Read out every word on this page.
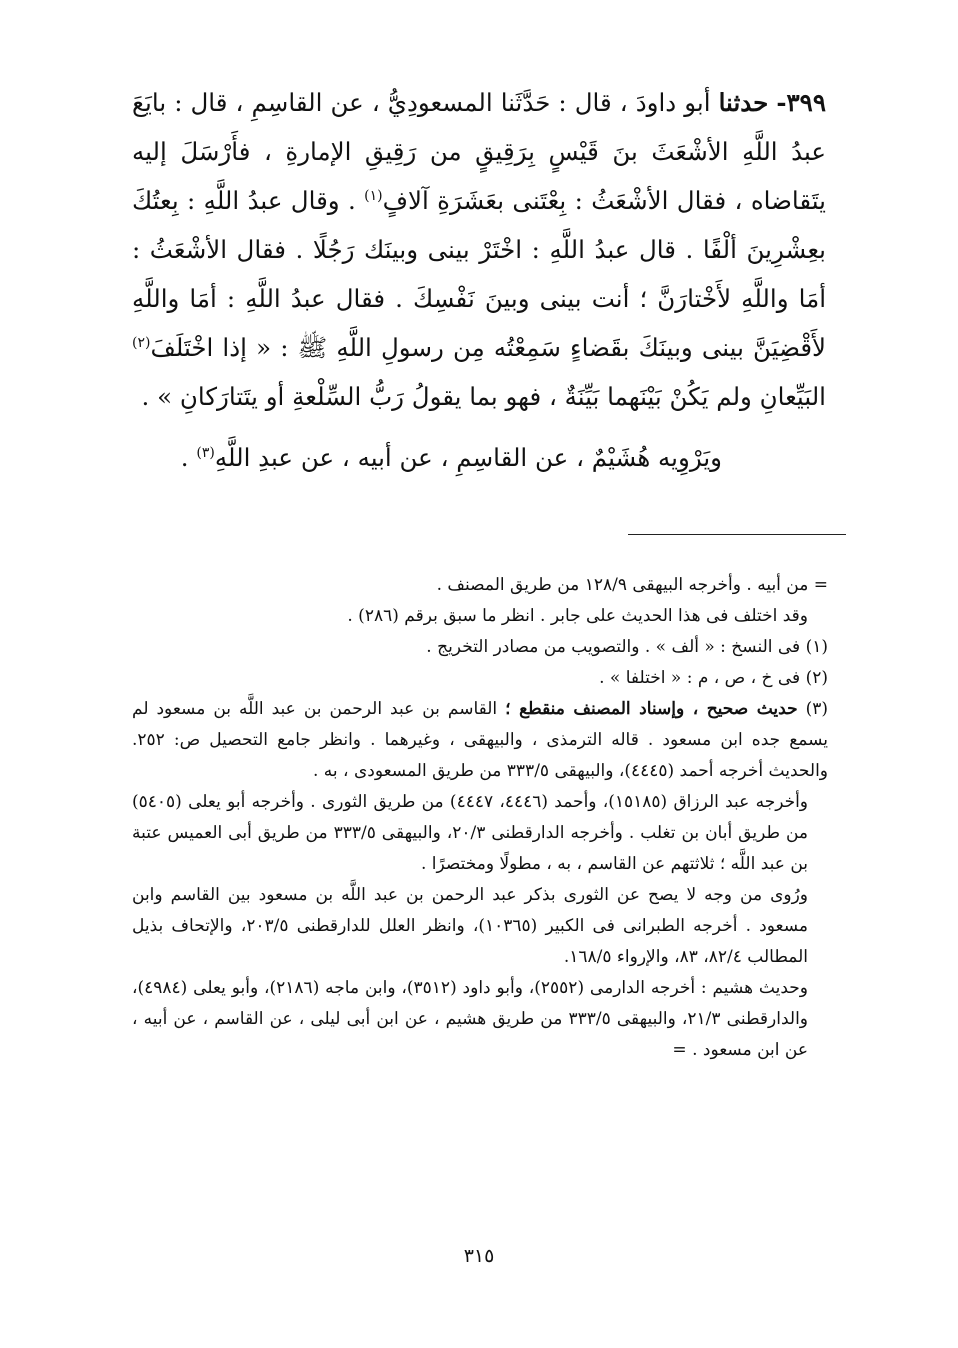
٣٩٩- حدثنا أبو داودَ ، قال : حَدَّثَنا المسعودِيُّ ، عن القاسِمِ ، قال : بايَعَ عبدُ اللَّهِ الأشْعَثَ بنَ قَيْسٍ بِرَقِيقٍ من رَقِيقِ الإمارةِ ، فأَرْسَلَ إليه يتَقاضاه ، فقال الأشْعَثُ : بِعْتَنى بعَشَرَةِ آلافٍ$^{(١)}$ . وقال عبدُ اللَّهِ : بِعتُكَ بعِشْرِينَ ألْفًا . قال عبدُ اللَّهِ : اخْتَرْ بينى وبينَك رَجُلًا . فقال الأشْعَثُ : أمَا واللَّهِ لأَخْتارَنَّ ؛ أنت بينى وبينَ نَفْسِكَ . فقال عبدُ اللَّهِ : أمَا واللَّهِ لأَقْضِيَنَّ بينى وبينَكَ بقَضاءٍ سَمِعْتُه مِن رسولِ اللَّهِ ﷺ : « إذا اخْتَلَفَ$^{(٢)}$ البَيِّعانِ ولم يَكُنْ بَيْنَهما بَيِّنَةٌ ، فهو بما يقولُ رَبُّ السِّلْعةِ أو يتَتارَكانِ » .

ويَرْوِيه هُشَيْمٌ ، عن القاسِمِ ، عن أبيه ، عن عبدِ اللَّهِ$^{(٣)}$ .

= من أبيه . وأخرجه البيهقى ١٢٨/٩ من طريق المصنف .

وقد اختلف فى هذا الحديث على جابر . انظر ما سبق برقم (٢٨٦) .

(١) فى النسخ : « ألف » . والتصويب من مصادر التخريج .

(٢) فى خ ، ص ، م : « اختلفا » .

(٣) حديث صحيح ، وإسناد المصنف منقطع ؛ القاسم بن عبد الرحمن بن عبد اللَّه بن مسعود لم يسمع جده ابن مسعود . قاله الترمذى ، والبيهقى ، وغيرهما . وانظر جامع التحصيل ص: ٢٥٢. والحديث أخرجه أحمد (٤٤٤٥)، والبيهقى ٣٣٣/٥ من طريق المسعودى ، به .

وأخرجه عبد الرزاق (١٥١٨٥)، وأحمد (٤٤٤٦، ٤٤٤٧) من طريق الثورى . وأخرجه أبو يعلى (٥٤٠٥) من طريق أبان بن تغلب . وأخرجه الدارقطنى ٢٠/٣، والبيهقى ٣٣٣/٥ من طريق أبى العميس عتبة بن عبد اللَّه ؛ ثلاثتهم عن القاسم ، به ، مطولًا ومختصرًا .

ورُوى من وجه لا يصح عن الثورى بذكر عبد الرحمن بن عبد اللَّه بن مسعود بين القاسم وابن مسعود . أخرجه الطبرانى فى الكبير (١٠٣٦٥)، وانظر العلل للدارقطنى ٢٠٣/٥، والإتحاف بذيل المطالب ٨٢/٤، ٨٣، والإرواء ١٦٨/٥.

وحديث هشيم : أخرجه الدارمى (٢٥٥٢)، وأبو داود (٣٥١٢)، وابن ماجه (٢١٨٦)، وأبو يعلى (٤٩٨٤)، والدارقطنى ٢١/٣، والبيهقى ٣٣٣/٥ من طريق هشيم ، عن ابن أبى ليلى ، عن القاسم ، عن أبيه ، عن ابن مسعود . =

٣١٥
